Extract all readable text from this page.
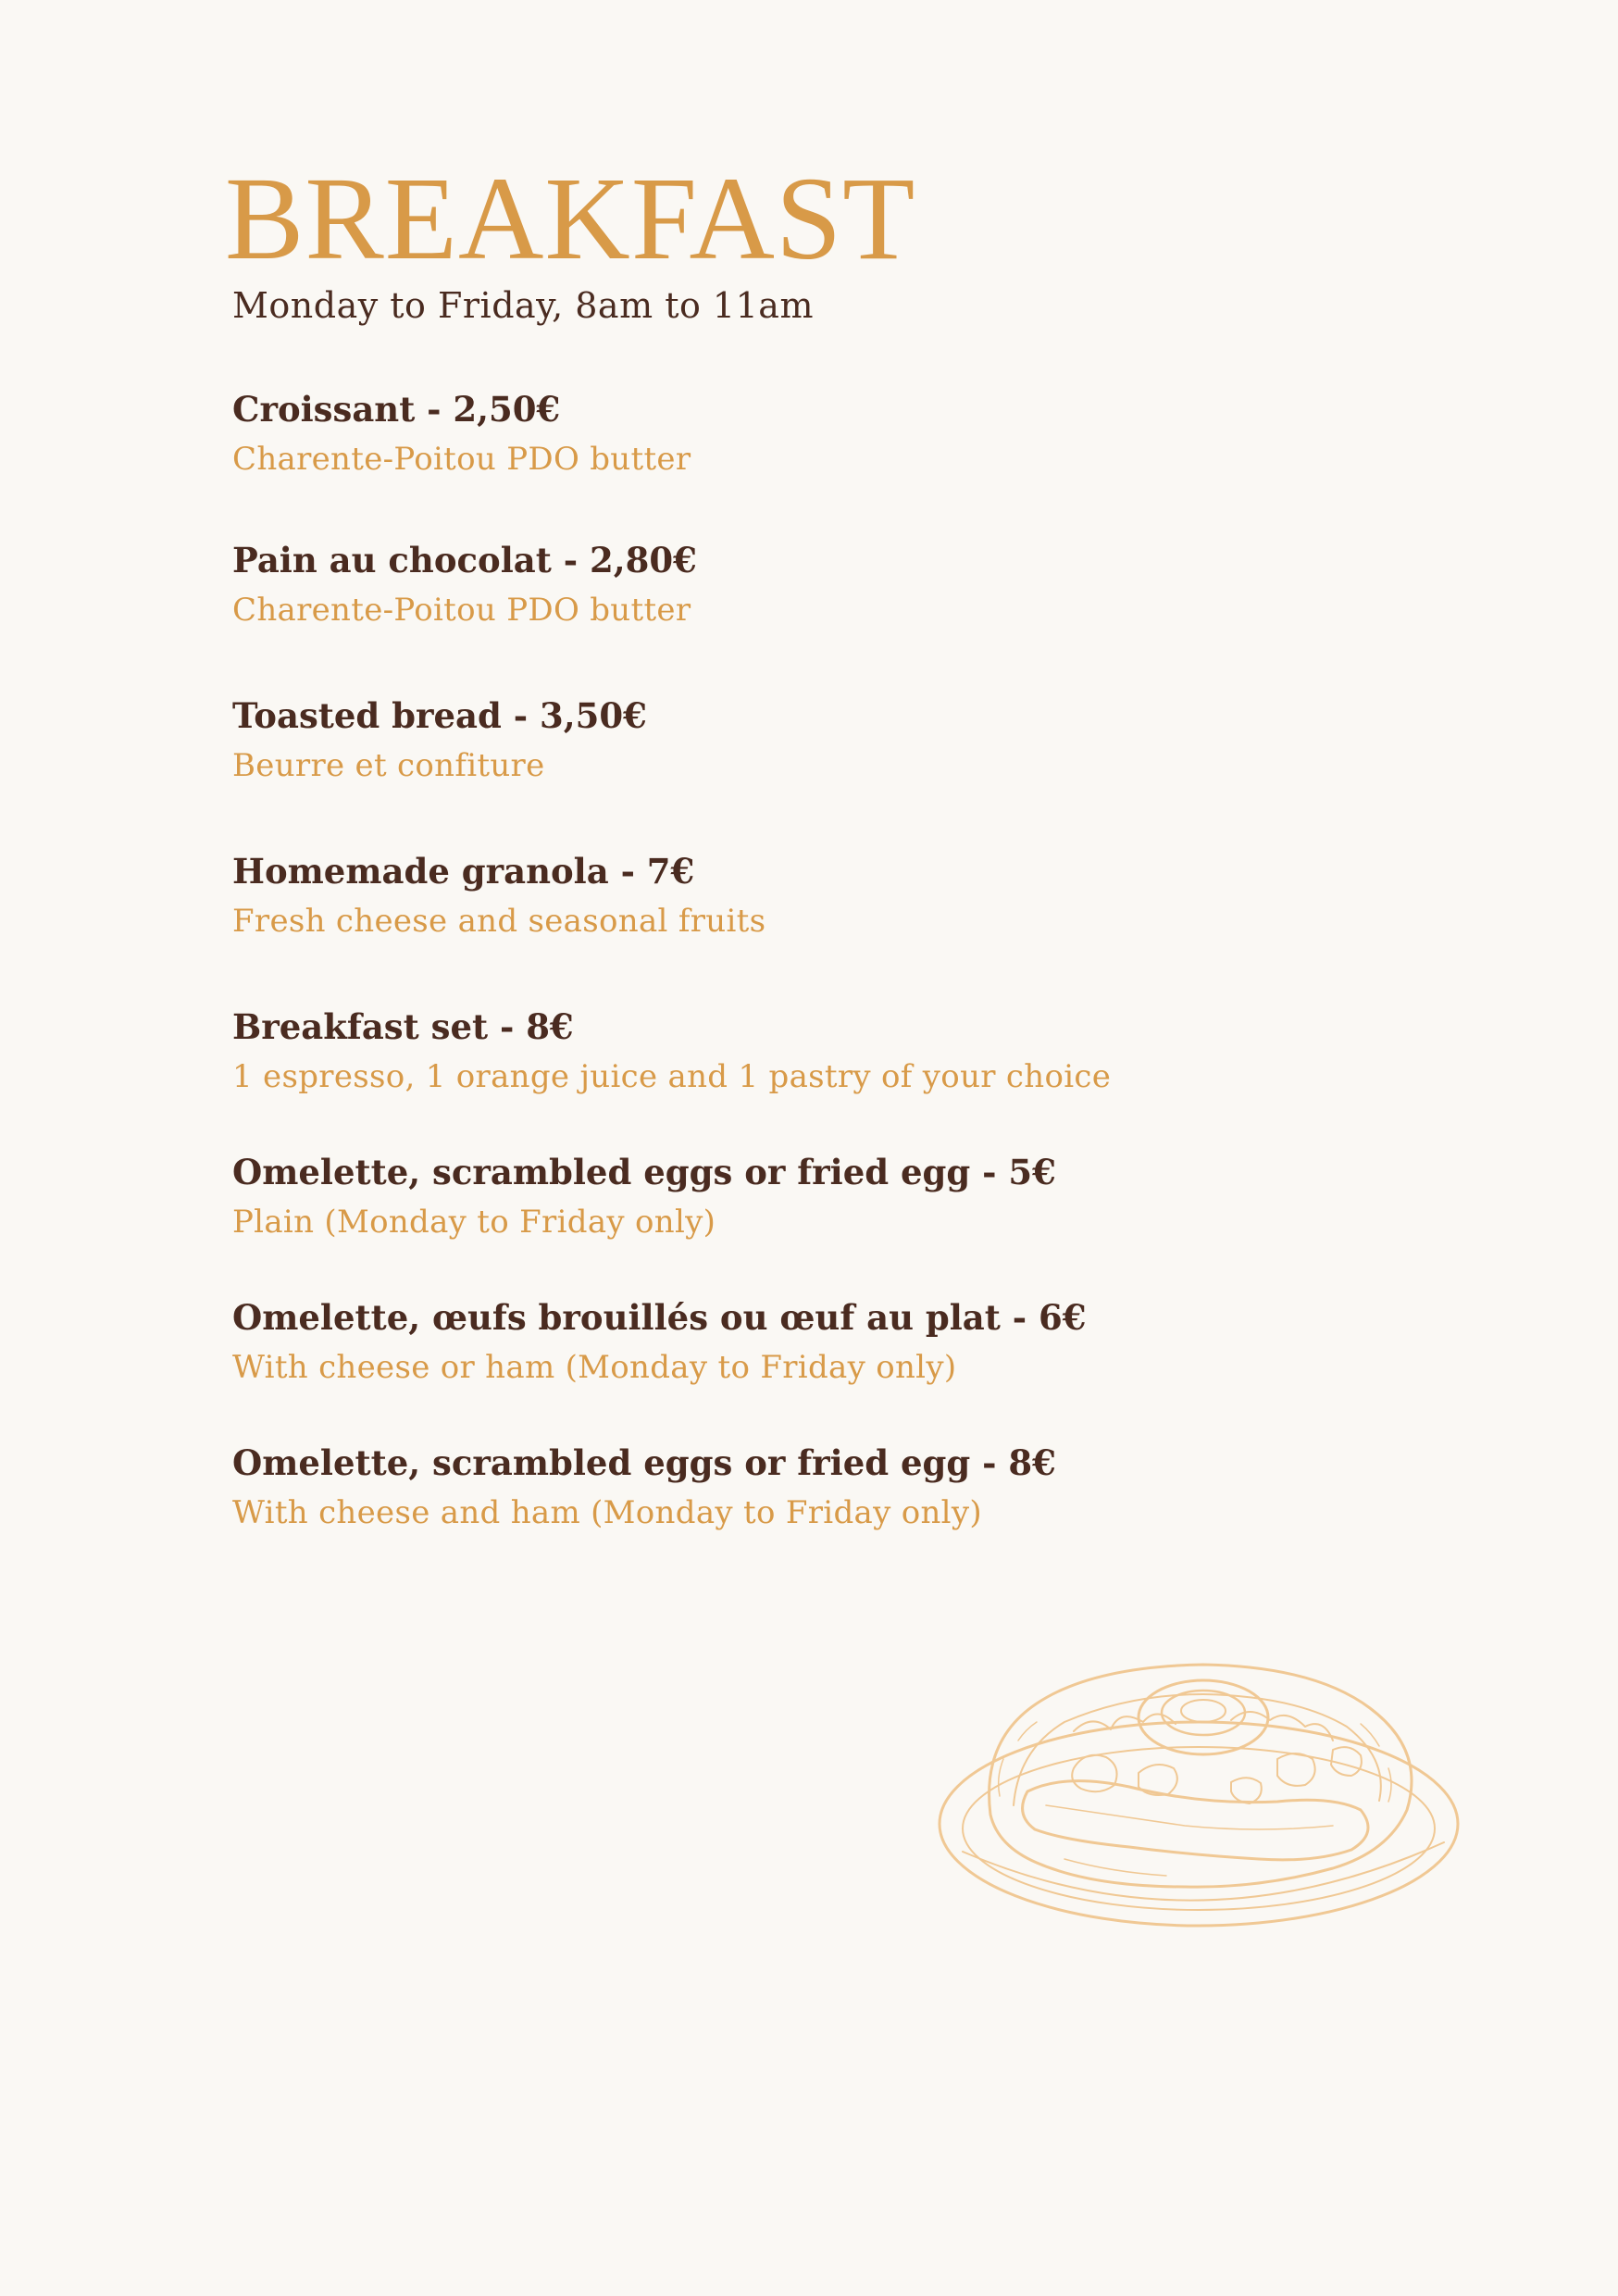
BREAKFAST

Monday to Friday, 8am to 11am

Croissant - 2,50€

Charente-Poitou PDO butter

Pain au chocolat - 2,80€

Charente-Poitou PDO butter

Toasted bread - 3,50€

Beurre et confiture

Homemade granola - 7€

Fresh cheese and seasonal fruits

Breakfast set - 8€

1 espresso, 1 orange juice and 1 pastry of your choice

Omelette, scrambled eggs or fried egg - 5€

Plain (Monday to Friday only)

Omelette, œufs brouillés ou œuf au plat - 6€

With cheese or ham (Monday to Friday only)

Omelette, scrambled eggs or fried egg - 8€

With cheese and ham (Monday to Friday only)
